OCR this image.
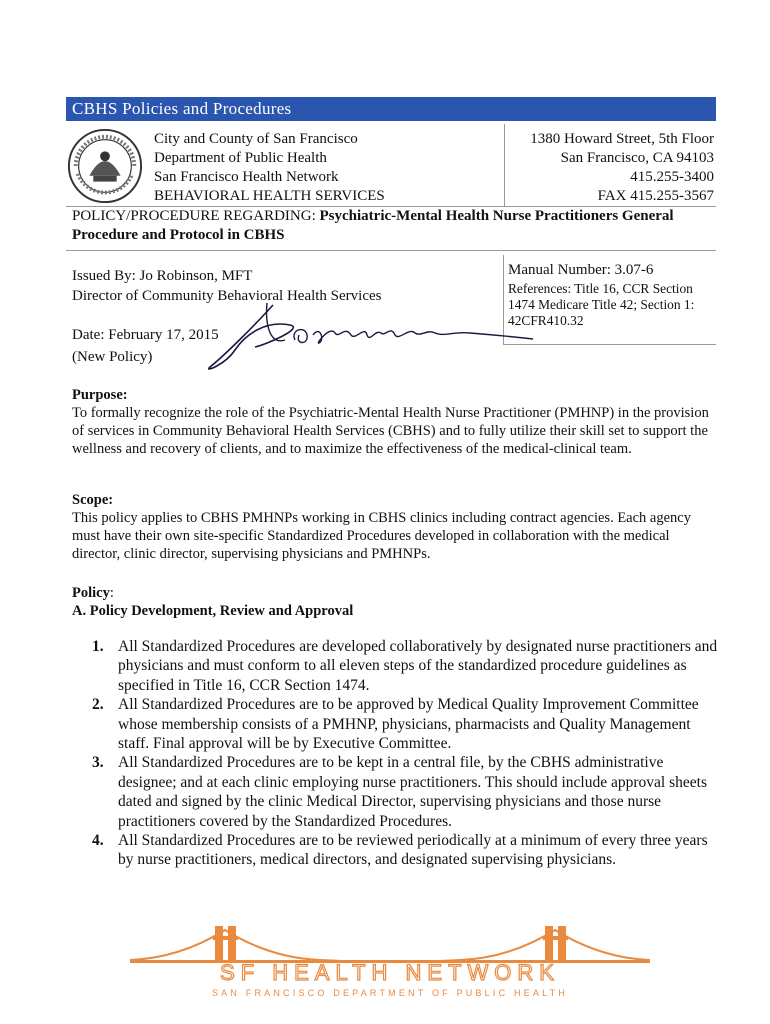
CBHS Policies and Procedures
City and County of San Francisco
Department of Public Health
San Francisco Health Network
BEHAVIORAL HEALTH SERVICES
1380 Howard Street, 5th Floor
San Francisco, CA 94103
415.255-3400
FAX 415.255-3567
POLICY/PROCEDURE REGARDING: Psychiatric-Mental Health Nurse Practitioners General Procedure and Protocol in CBHS
Issued By: Jo Robinson, MFT
Director of Community Behavioral Health Services
Date: February 17, 2015
(New Policy)
Manual Number: 3.07-6
References: Title 16, CCR Section 1474 Medicare Title 42; Section 1: 42CFR410.32
Purpose:
To formally recognize the role of the Psychiatric-Mental Health Nurse Practitioner (PMHNP) in the provision of services in Community Behavioral Health Services (CBHS) and to fully utilize their skill set to support the wellness and recovery of clients, and to maximize the effectiveness of the medical-clinical team.
Scope:
This policy applies to CBHS PMHNPs working in CBHS clinics including contract agencies. Each agency must have their own site-specific Standardized Procedures developed in collaboration with the medical director, clinic director, supervising physicians and PMHNPs.
Policy:
A. Policy Development, Review and Approval
1. All Standardized Procedures are developed collaboratively by designated nurse practitioners and physicians and must conform to all eleven steps of the standardized procedure guidelines as specified in Title 16, CCR Section 1474.
2. All Standardized Procedures are to be approved by Medical Quality Improvement Committee whose membership consists of a PMHNP, physicians, pharmacists and Quality Management staff. Final approval will be by Executive Committee.
3. All Standardized Procedures are to be kept in a central file, by the CBHS administrative designee; and at each clinic employing nurse practitioners. This should include approval sheets dated and signed by the clinic Medical Director, supervising physicians and those nurse practitioners covered by the Standardized Procedures.
4. All Standardized Procedures are to be reviewed periodically at a minimum of every three years by nurse practitioners, medical directors, and designated supervising physicians.
SF HEALTH NETWORK
SAN FRANCISCO DEPARTMENT OF PUBLIC HEALTH
